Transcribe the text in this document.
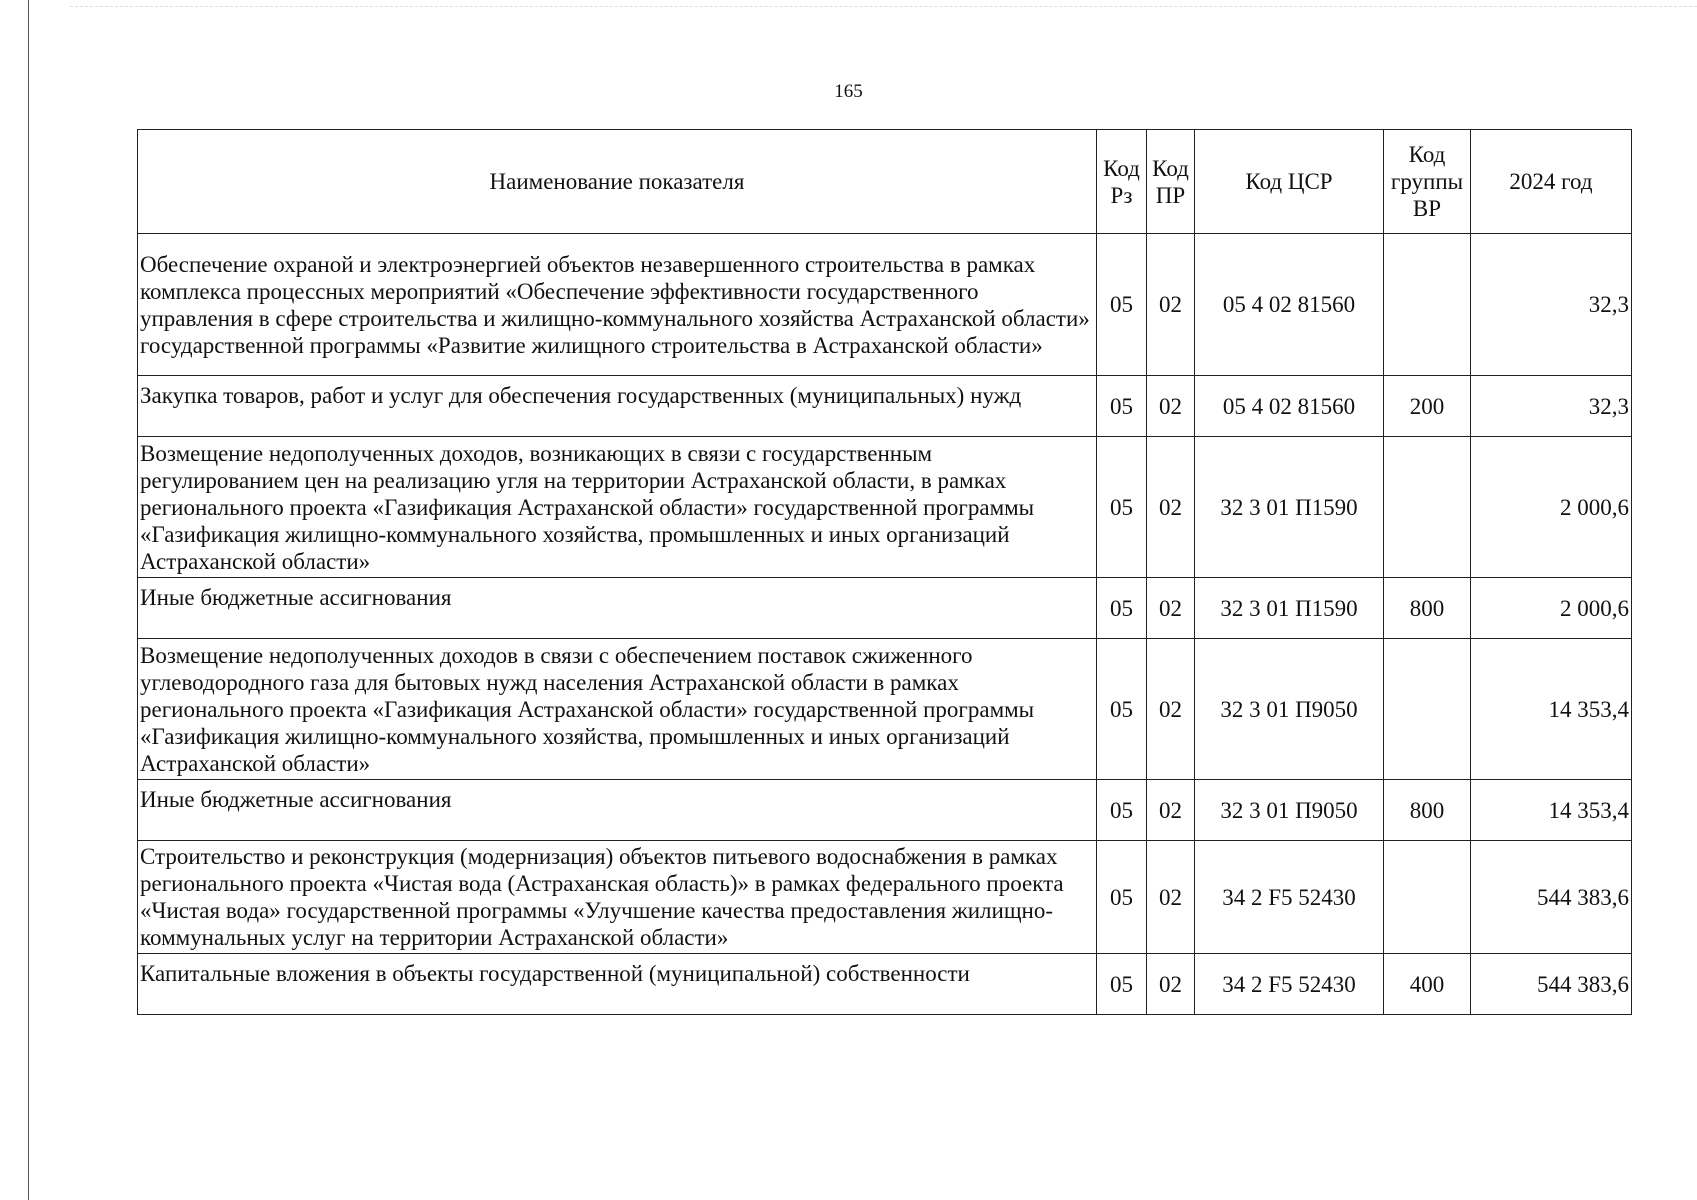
165
Наименование показателя	Код Рз	Код ПР	Код ЦСР	Код группы ВР	2024 год
Обеспечение охраной и электроэнергией объектов незавершенного строительства в рамках комплекса процессных мероприятий «Обеспечение эффективности государственного управления в сфере строительства и жилищно-коммунального хозяйства Астраханской области» государственной программы «Развитие жилищного строительства в Астраханской области»	05	02	05 4 02 81560		32,3
Закупка товаров, работ и услуг для обеспечения государственных (муниципальных) нужд	05	02	05 4 02 81560	200	32,3
Возмещение недополученных доходов, возникающих в связи с государственным регулированием цен на реализацию угля на территории Астраханской области, в рамках регионального проекта «Газификация Астраханской области» государственной программы «Газификация жилищно-коммунального хозяйства, промышленных и иных организаций Астраханской области»	05	02	32 3 01 П1590		2 000,6
Иные бюджетные ассигнования	05	02	32 3 01 П1590	800	2 000,6
Возмещение недополученных доходов в связи с обеспечением поставок сжиженного углеводородного газа для бытовых нужд населения Астраханской области в рамках регионального проекта «Газификация Астраханской области» государственной программы «Газификация жилищно-коммунального хозяйства, промышленных и иных организаций Астраханской области»	05	02	32 3 01 П9050		14 353,4
Иные бюджетные ассигнования	05	02	32 3 01 П9050	800	14 353,4
Строительство и реконструкция (модернизация) объектов питьевого водоснабжения в рамках регионального проекта «Чистая вода (Астраханская область)» в рамках федерального проекта «Чистая вода» государственной программы «Улучшение качества предоставления жилищно-коммунальных услуг на территории Астраханской области»	05	02	34 2 F5 52430		544 383,6
Капитальные вложения в объекты государственной (муниципальной) собственности	05	02	34 2 F5 52430	400	544 383,6
